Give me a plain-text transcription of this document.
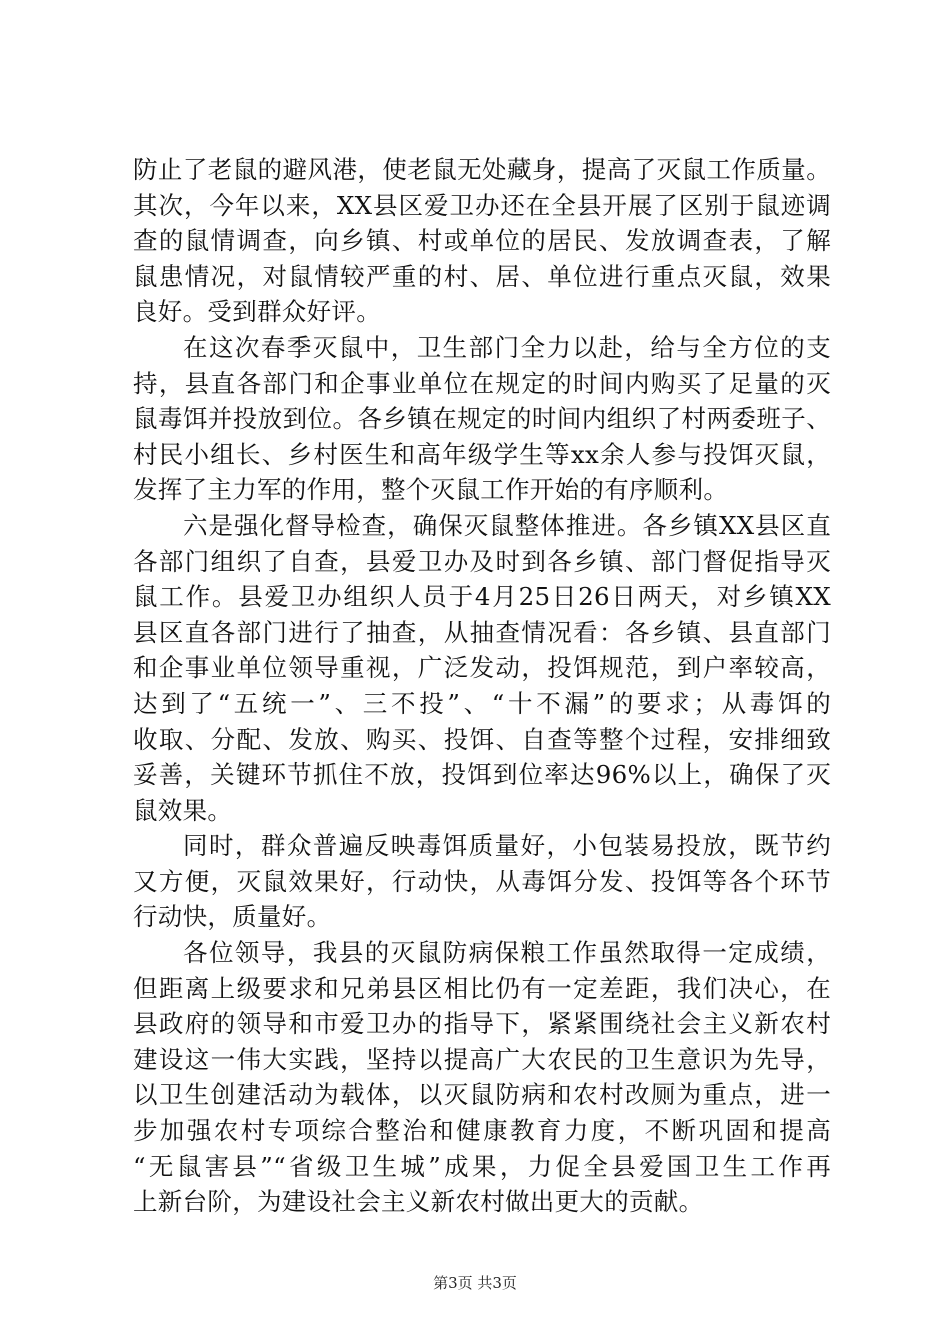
防止了老鼠的避风港，使老鼠无处藏身，提高了灭鼠工作质量。
其次，今年以来，XX县区爱卫办还在全县开展了区别于鼠迹调
查的鼠情调查，向乡镇、村或单位的居民、发放调查表，了解
鼠患情况，对鼠情较严重的村、居、单位进行重点灭鼠，效果
良好。受到群众好评。
在这次春季灭鼠中，卫生部门全力以赴，给与全方位的支
持，县直各部门和企事业单位在规定的时间内购买了足量的灭
鼠毒饵并投放到位。各乡镇在规定的时间内组织了村两委班子、
村民小组长、乡村医生和高年级学生等xx余人参与投饵灭鼠，
发挥了主力军的作用，整个灭鼠工作开始的有序顺利。
六是强化督导检查，确保灭鼠整体推进。各乡镇XX县区直
各部门组织了自查，县爱卫办及时到各乡镇、部门督促指导灭
鼠工作。县爱卫办组织人员于4月25日26日两天，对乡镇XX
县区直各部门进行了抽查，从抽查情况看：各乡镇、县直部门
和企事业单位领导重视，广泛发动，投饵规范，到户率较高，
达到了“五统一”、三不投”、“十不漏”的要求；从毒饵的
收取、分配、发放、购买、投饵、自查等整个过程，安排细致
妥善，关键环节抓住不放，投饵到位率达96%以上，确保了灭
鼠效果。
同时，群众普遍反映毒饵质量好，小包装易投放，既节约
又方便，灭鼠效果好，行动快，从毒饵分发、投饵等各个环节
行动快，质量好。
各位领导，我县的灭鼠防病保粮工作虽然取得一定成绩，
但距离上级要求和兄弟县区相比仍有一定差距，我们决心，在
县政府的领导和市爱卫办的指导下，紧紧围绕社会主义新农村
建设这一伟大实践，坚持以提高广大农民的卫生意识为先导，
以卫生创建活动为载体，以灭鼠防病和农村改厕为重点，进一
步加强农村专项综合整治和健康教育力度，不断巩固和提高
“无鼠害县”“省级卫生城”成果，力促全县爱国卫生工作再
上新台阶，为建设社会主义新农村做出更大的贡献。
第3页 共3页
